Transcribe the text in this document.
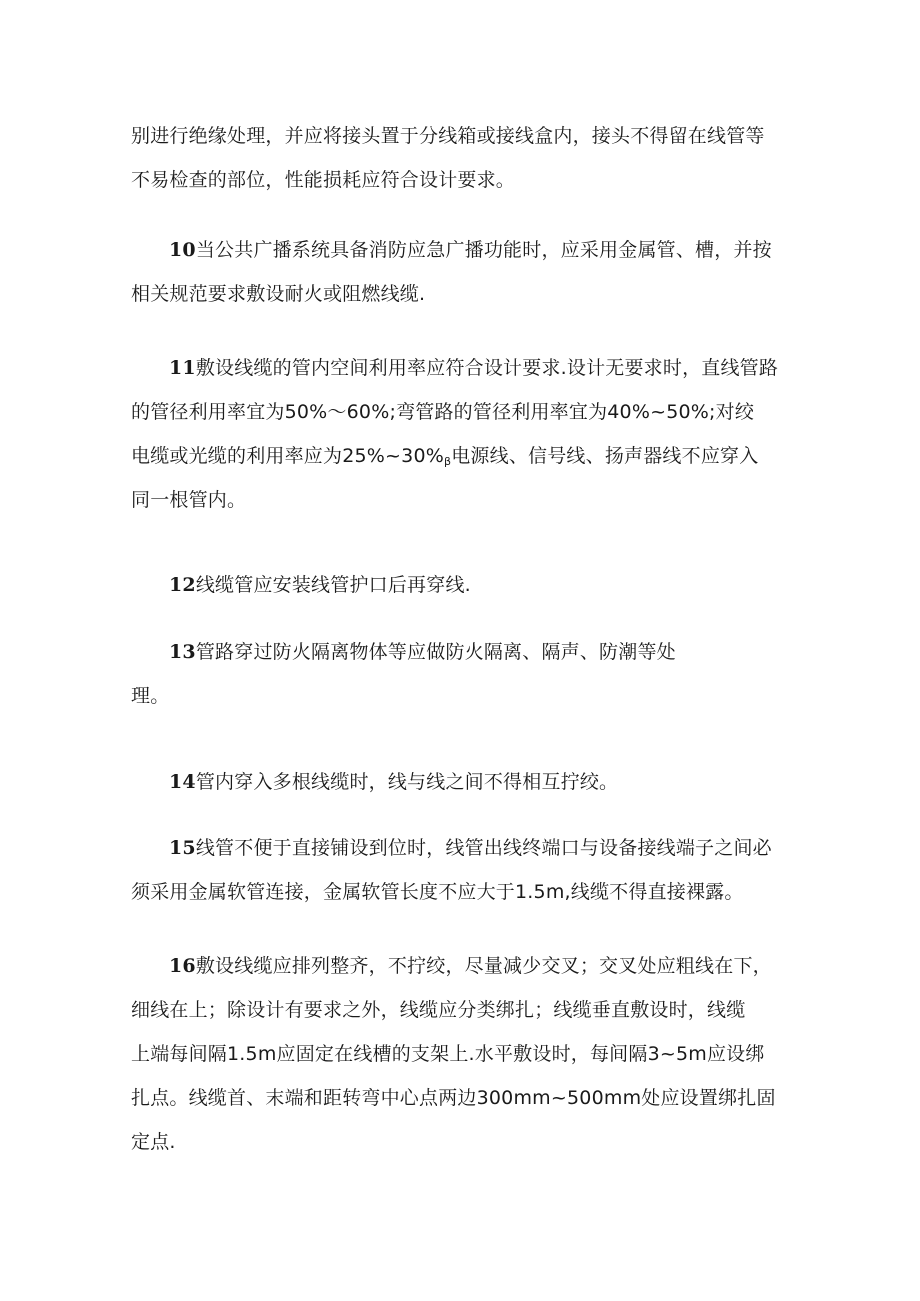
别进行绝缘处理，并应将接头置于分线箱或接线盒内，接头不得留在线管等
不易检查的部位，性能损耗应符合设计要求。

10当公共广播系统具备消防应急广播功能时，应采用金属管、槽，并按
相关规范要求敷设耐火或阻燃线缆.

11敷设线缆的管内空间利用率应符合设计要求.设计无要求时，直线管路
的管径利用率宜为50%～60%;弯管路的管径利用率宜为40%~50%;对绞
电缆或光缆的利用率应为$25\%\sim 30\%_\beta$电源线、信号线、扬声器线不应穿入
同一根管内。

12线缆管应安装线管护口后再穿线.

13管路穿过防火隔离物体等应做防火隔离、隔声、防潮等处
理。

14管内穿入多根线缆时，线与线之间不得相互拧绞。

15线管不便于直接铺设到位时，线管出线终端口与设备接线端子之间必
须采用金属软管连接，金属软管长度不应大于1.5m,线缆不得直接裸露。

16敷设线缆应排列整齐，不拧绞，尽量减少交叉；交叉处应粗线在下，
细线在上；除设计有要求之外，线缆应分类绑扎；线缆垂直敷设时，线缆
上端每间隔1.5m应固定在线槽的支架上.水平敷设时，每间隔3~5m应设绑
扎点。线缆首、末端和距转弯中心点两边300mm~500mm处应设置绑扎固
定点.
